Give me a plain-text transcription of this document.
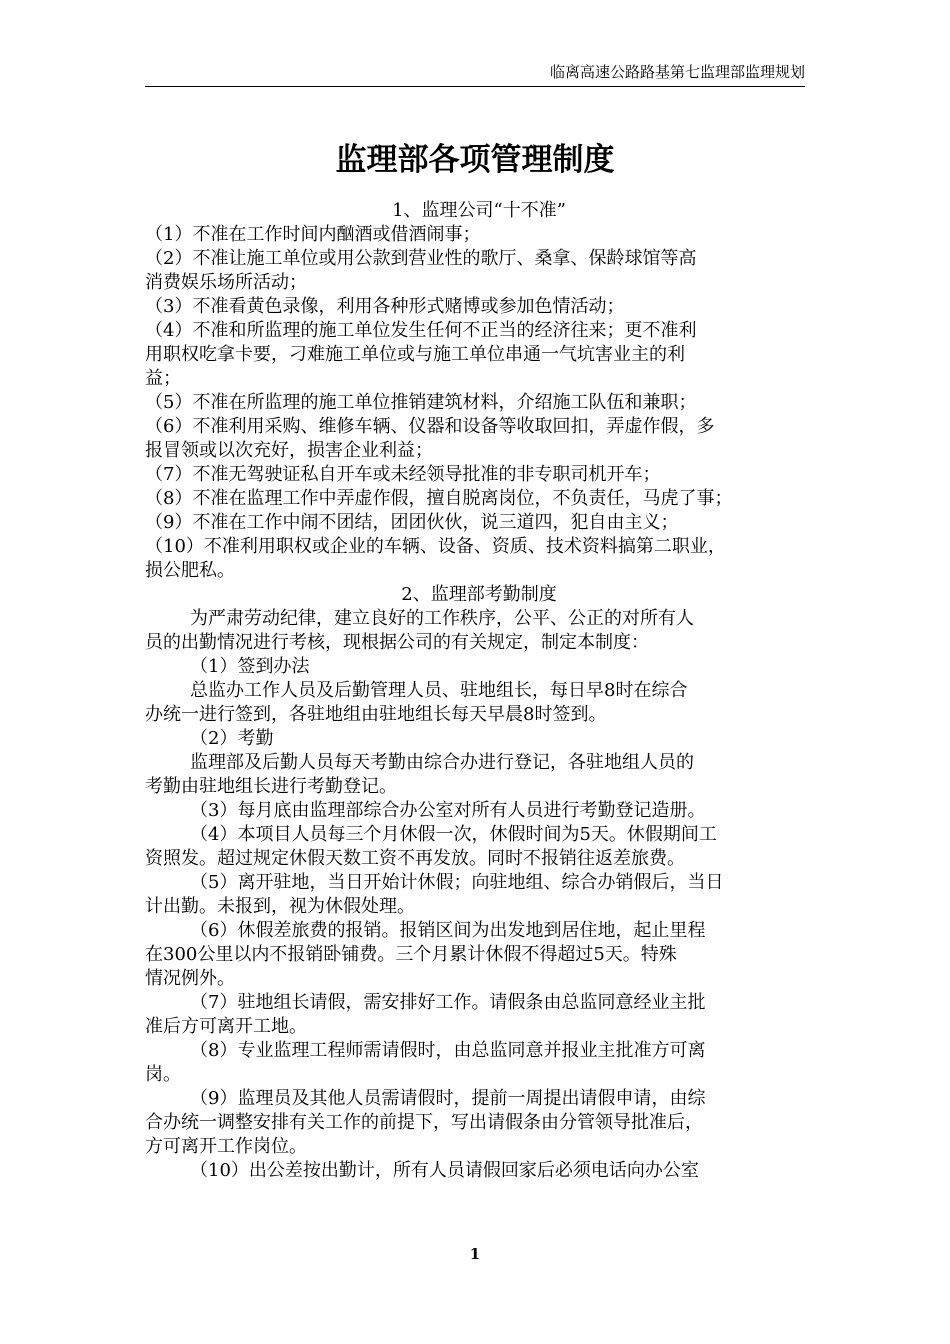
临离高速公路路基第七监理部监理规划
监理部各项管理制度

1、监理公司“十不准”

（1）不准在工作时间内酗酒或借酒闹事；

（2）不准让施工单位或用公款到营业性的歌厅、桑拿、保龄球馆等高

消费娱乐场所活动；

（3）不准看黄色录像，利用各种形式赌博或参加色情活动；

（4）不准和所监理的施工单位发生任何不正当的经济往来；更不准利

用职权吃拿卡要，刁难施工单位或与施工单位串通一气坑害业主的利

益；

（5）不准在所监理的施工单位推销建筑材料，介绍施工队伍和兼职；

（6）不准利用采购、维修车辆、仪器和设备等收取回扣，弄虚作假，多

报冒领或以次充好，损害企业利益；

（7）不准无驾驶证私自开车或未经领导批准的非专职司机开车；

（8）不准在监理工作中弄虚作假，擅自脱离岗位，不负责任，马虎了事；

（9）不准在工作中闹不团结，团团伙伙，说三道四，犯自由主义；

（10）不准利用职权或企业的车辆、设备、资质、技术资料搞第二职业，

损公肥私。

2、监理部考勤制度

为严肃劳动纪律，建立良好的工作秩序，公平、公正的对所有人

员的出勤情况进行考核，现根据公司的有关规定，制定本制度：

（1）签到办法

总监办工作人员及后勤管理人员、驻地组长，每日早8时在综合

办统一进行签到，各驻地组由驻地组长每天早晨8时签到。

（2）考勤

监理部及后勤人员每天考勤由综合办进行登记，各驻地组人员的

考勤由驻地组长进行考勤登记。

（3）每月底由监理部综合办公室对所有人员进行考勤登记造册。

（4）本项目人员每三个月休假一次，休假时间为5天。休假期间工

资照发。超过规定休假天数工资不再发放。同时不报销往返差旅费。

（5）离开驻地，当日开始计休假；向驻地组、综合办销假后，当日

计出勤。未报到，视为休假处理。

（6）休假差旅费的报销。报销区间为出发地到居住地，起止里程

在300公里以内不报销卧铺费。三个月累计休假不得超过5天。特殊

情况例外。

（7）驻地组长请假，需安排好工作。请假条由总监同意经业主批

准后方可离开工地。

（8）专业监理工程师需请假时，由总监同意并报业主批准方可离

岗。

（9）监理员及其他人员需请假时，提前一周提出请假申请，由综

合办统一调整安排有关工作的前提下，写出请假条由分管领导批准后，

方可离开工作岗位。

（10）出公差按出勤计，所有人员请假回家后必须电话向办公室

1
